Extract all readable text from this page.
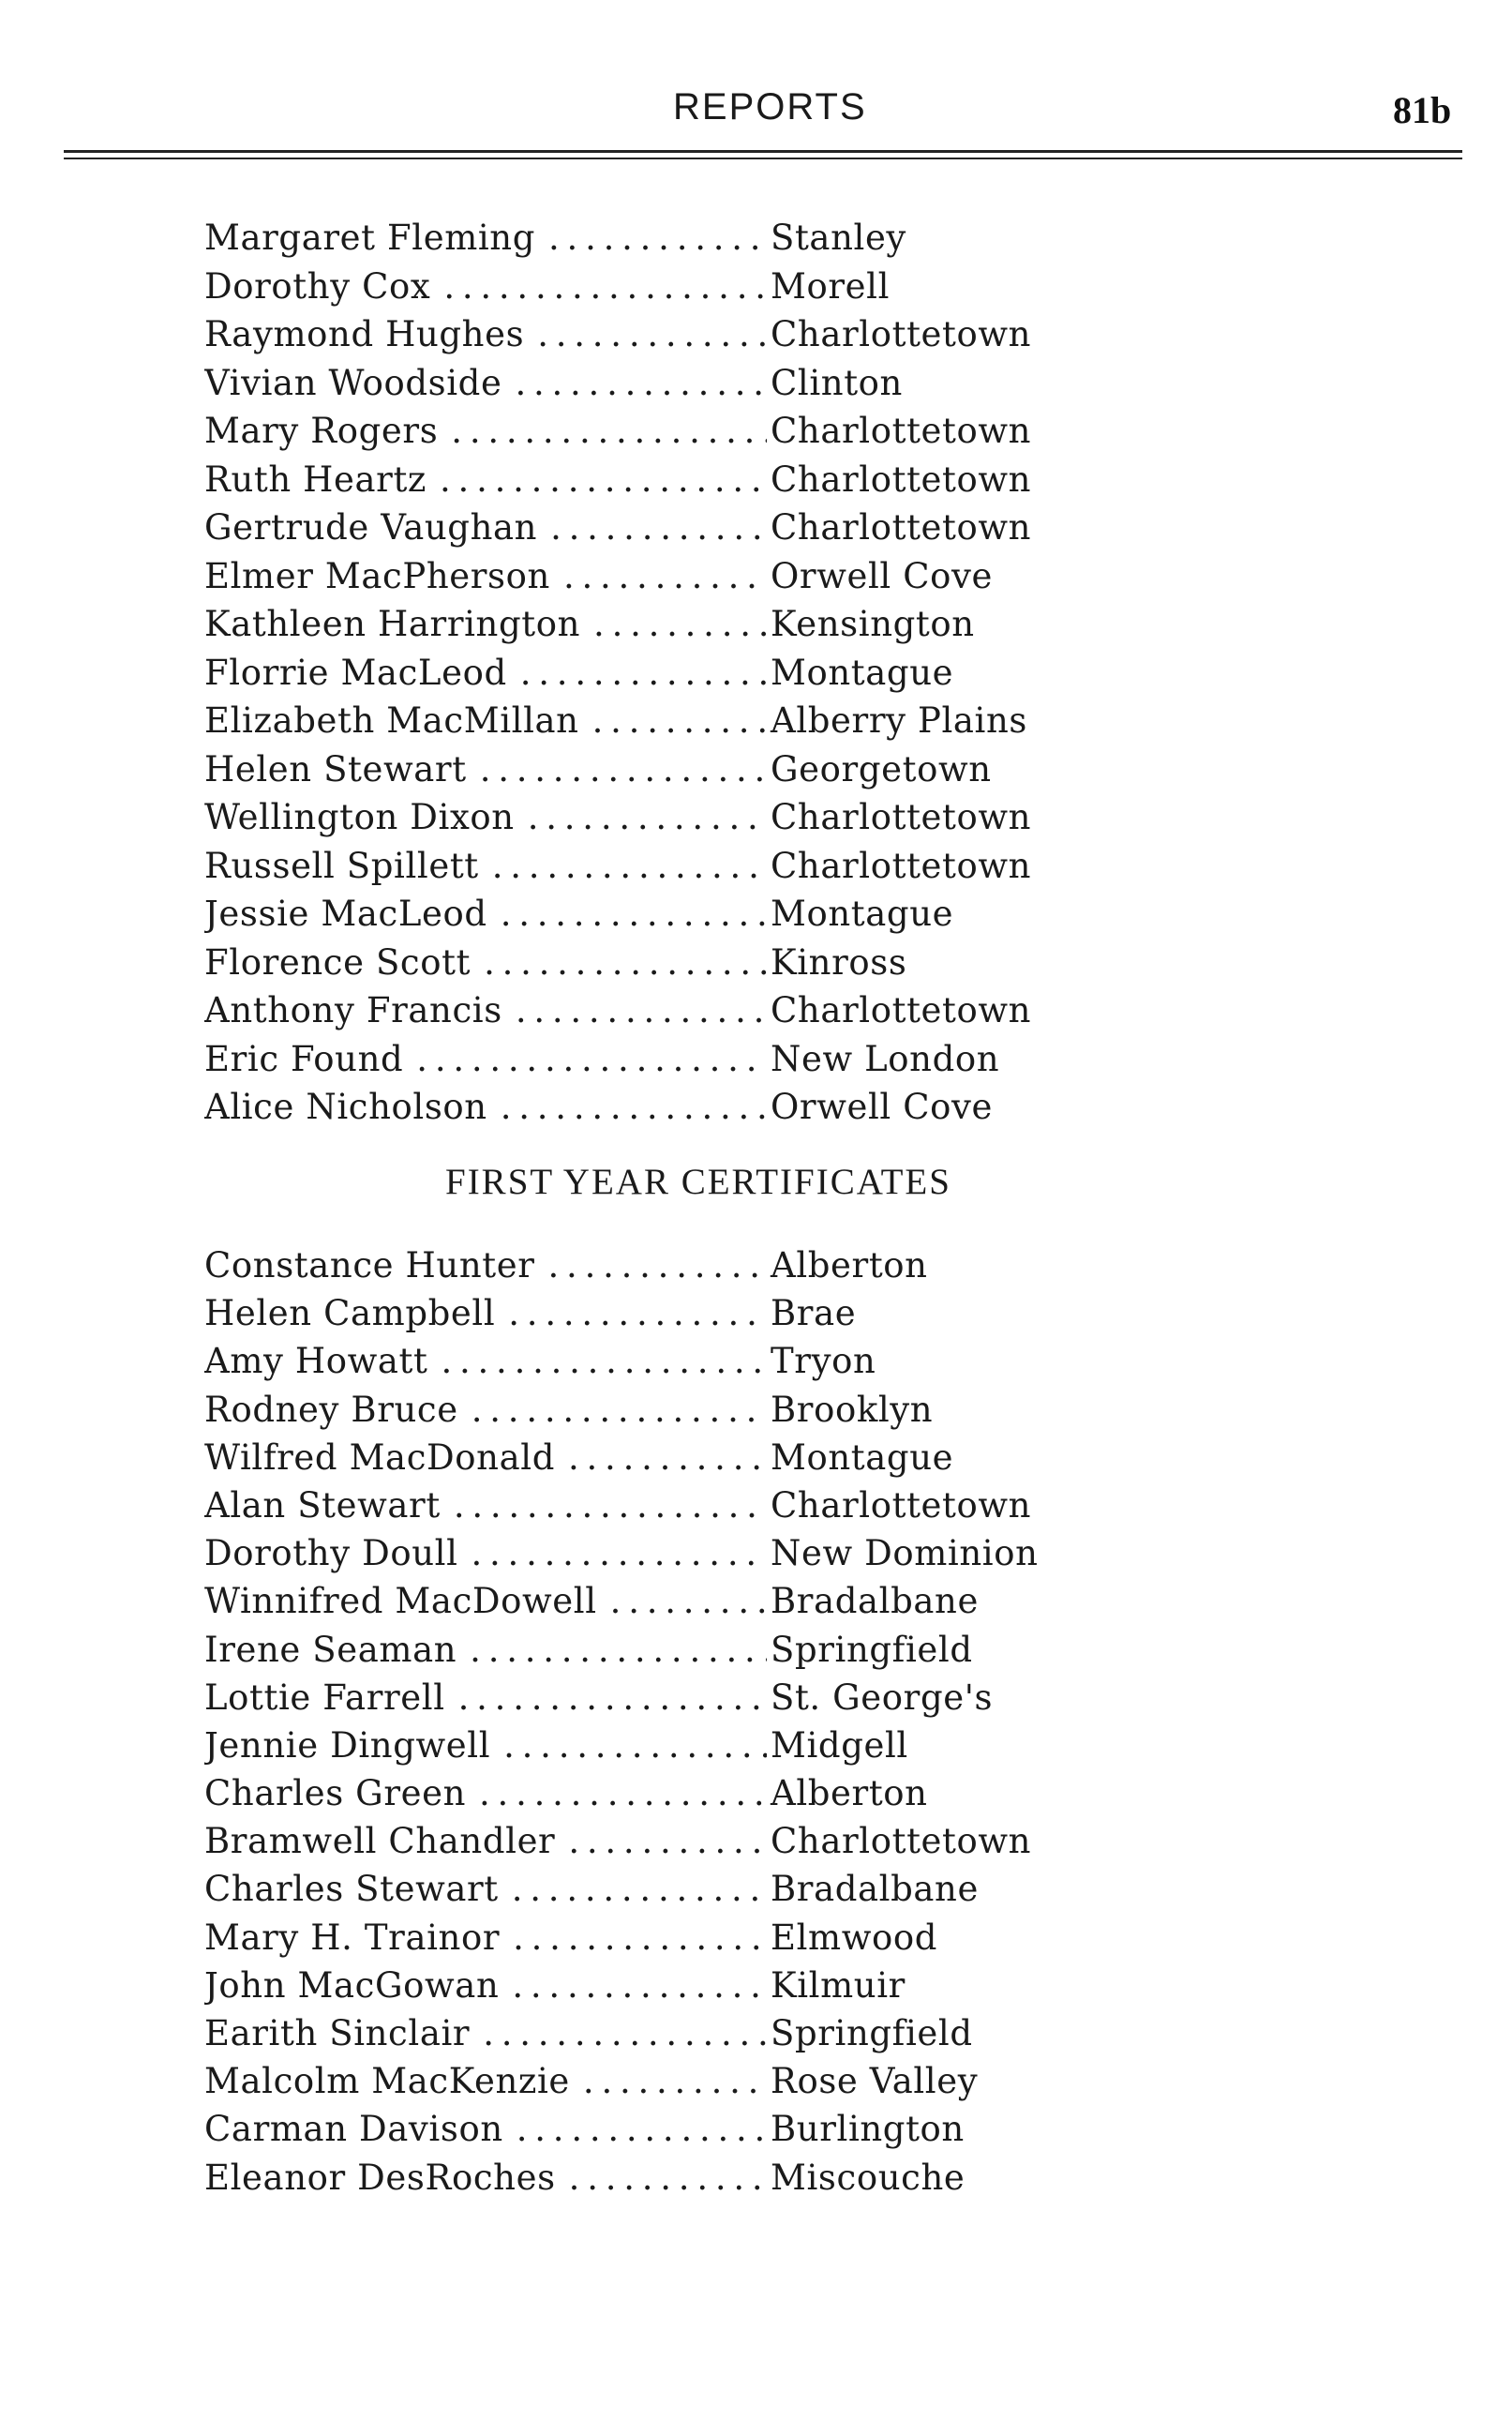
REPORTS	81b
Margaret Fleming . . .	Stanley
Dorothy Cox . . .	Morell
Raymond Hughes . . .	Charlottetown
Vivian Woodside . . .	Clinton
Mary Rogers . . .	Charlottetown
Ruth Heartz . . .	Charlottetown
Gertrude Vaughan . . .	Charlottetown
Elmer MacPherson . . .	Orwell Cove
Kathleen Harrington . . .	Kensington
Florrie MacLeod . . .	Montague
Elizabeth MacMillan . . .	Alberry Plains
Helen Stewart . . .	Georgetown
Wellington Dixon . . .	Charlottetown
Russell Spillett . . .	Charlottetown
Jessie MacLeod . . .	Montague
Florence Scott . . .	Kinross
Anthony Francis . . .	Charlottetown
Eric Found . . .	New London
Alice Nicholson . . .	Orwell Cove
FIRST YEAR CERTIFICATES
Constance Hunter . . .	Alberton
Helen Campbell . . .	Brae
Amy Howatt . . .	Tryon
Rodney Bruce . . .	Brooklyn
Wilfred MacDonald . . .	Montague
Alan Stewart . . .	Charlottetown
Dorothy Doull . . .	New Dominion
Winnifred MacDowell . . .	Bradalbane
Irene Seaman . . .	Springfield
Lottie Farrell . . .	St. George's
Jennie Dingwell . . .	Midgell
Charles Green . . .	Alberton
Bramwell Chandler . . .	Charlottetown
Charles Stewart . . .	Bradalbane
Mary H. Trainor . . .	Elmwood
John MacGowan . . .	Kilmuir
Earith Sinclair . . .	Springfield
Malcolm MacKenzie . . .	Rose Valley
Carman Davison . . .	Burlington
Eleanor DesRoches . . .	Miscouche
